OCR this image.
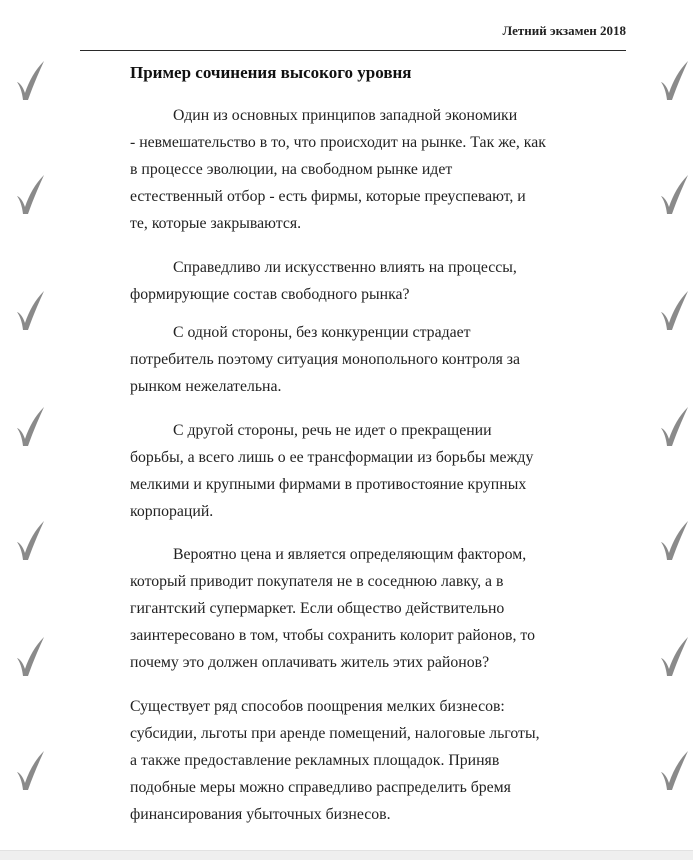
Летний экзамен 2018
Пример сочинения высокого уровня
Один из основных принципов западной экономики
- невмешательство в то, что происходит на рынке. Так же, как
в процессе эволюции, на свободном рынке идет
естественный отбор - есть фирмы, которые преуспевают, и
те, которые закрываются.
Справедливо ли искусственно влиять на процессы,
формирующие состав свободного рынка?
С одной стороны, без конкуренции страдает
потребитель поэтому ситуация монопольного контроля за
рынком нежелательна.
С другой стороны, речь не идет о прекращении
борьбы, а всего лишь о ее трансформации из борьбы между
мелкими и крупными фирмами в противостояние крупных
корпораций.
Вероятно цена и является определяющим фактором,
который приводит покупателя не в соседнюю лавку, а в
гигантский супермаркет. Если общество действительно
заинтересовано в том, чтобы сохранить колорит районов, то
почему это должен оплачивать житель этих районов?
Существует ряд способов поощрения мелких бизнесов:
субсидии, льготы при аренде помещений, налоговые льготы,
а также предоставление рекламных площадок. Приняв
подобные меры можно справедливо распределить бремя
финансирования убыточных бизнесов.
